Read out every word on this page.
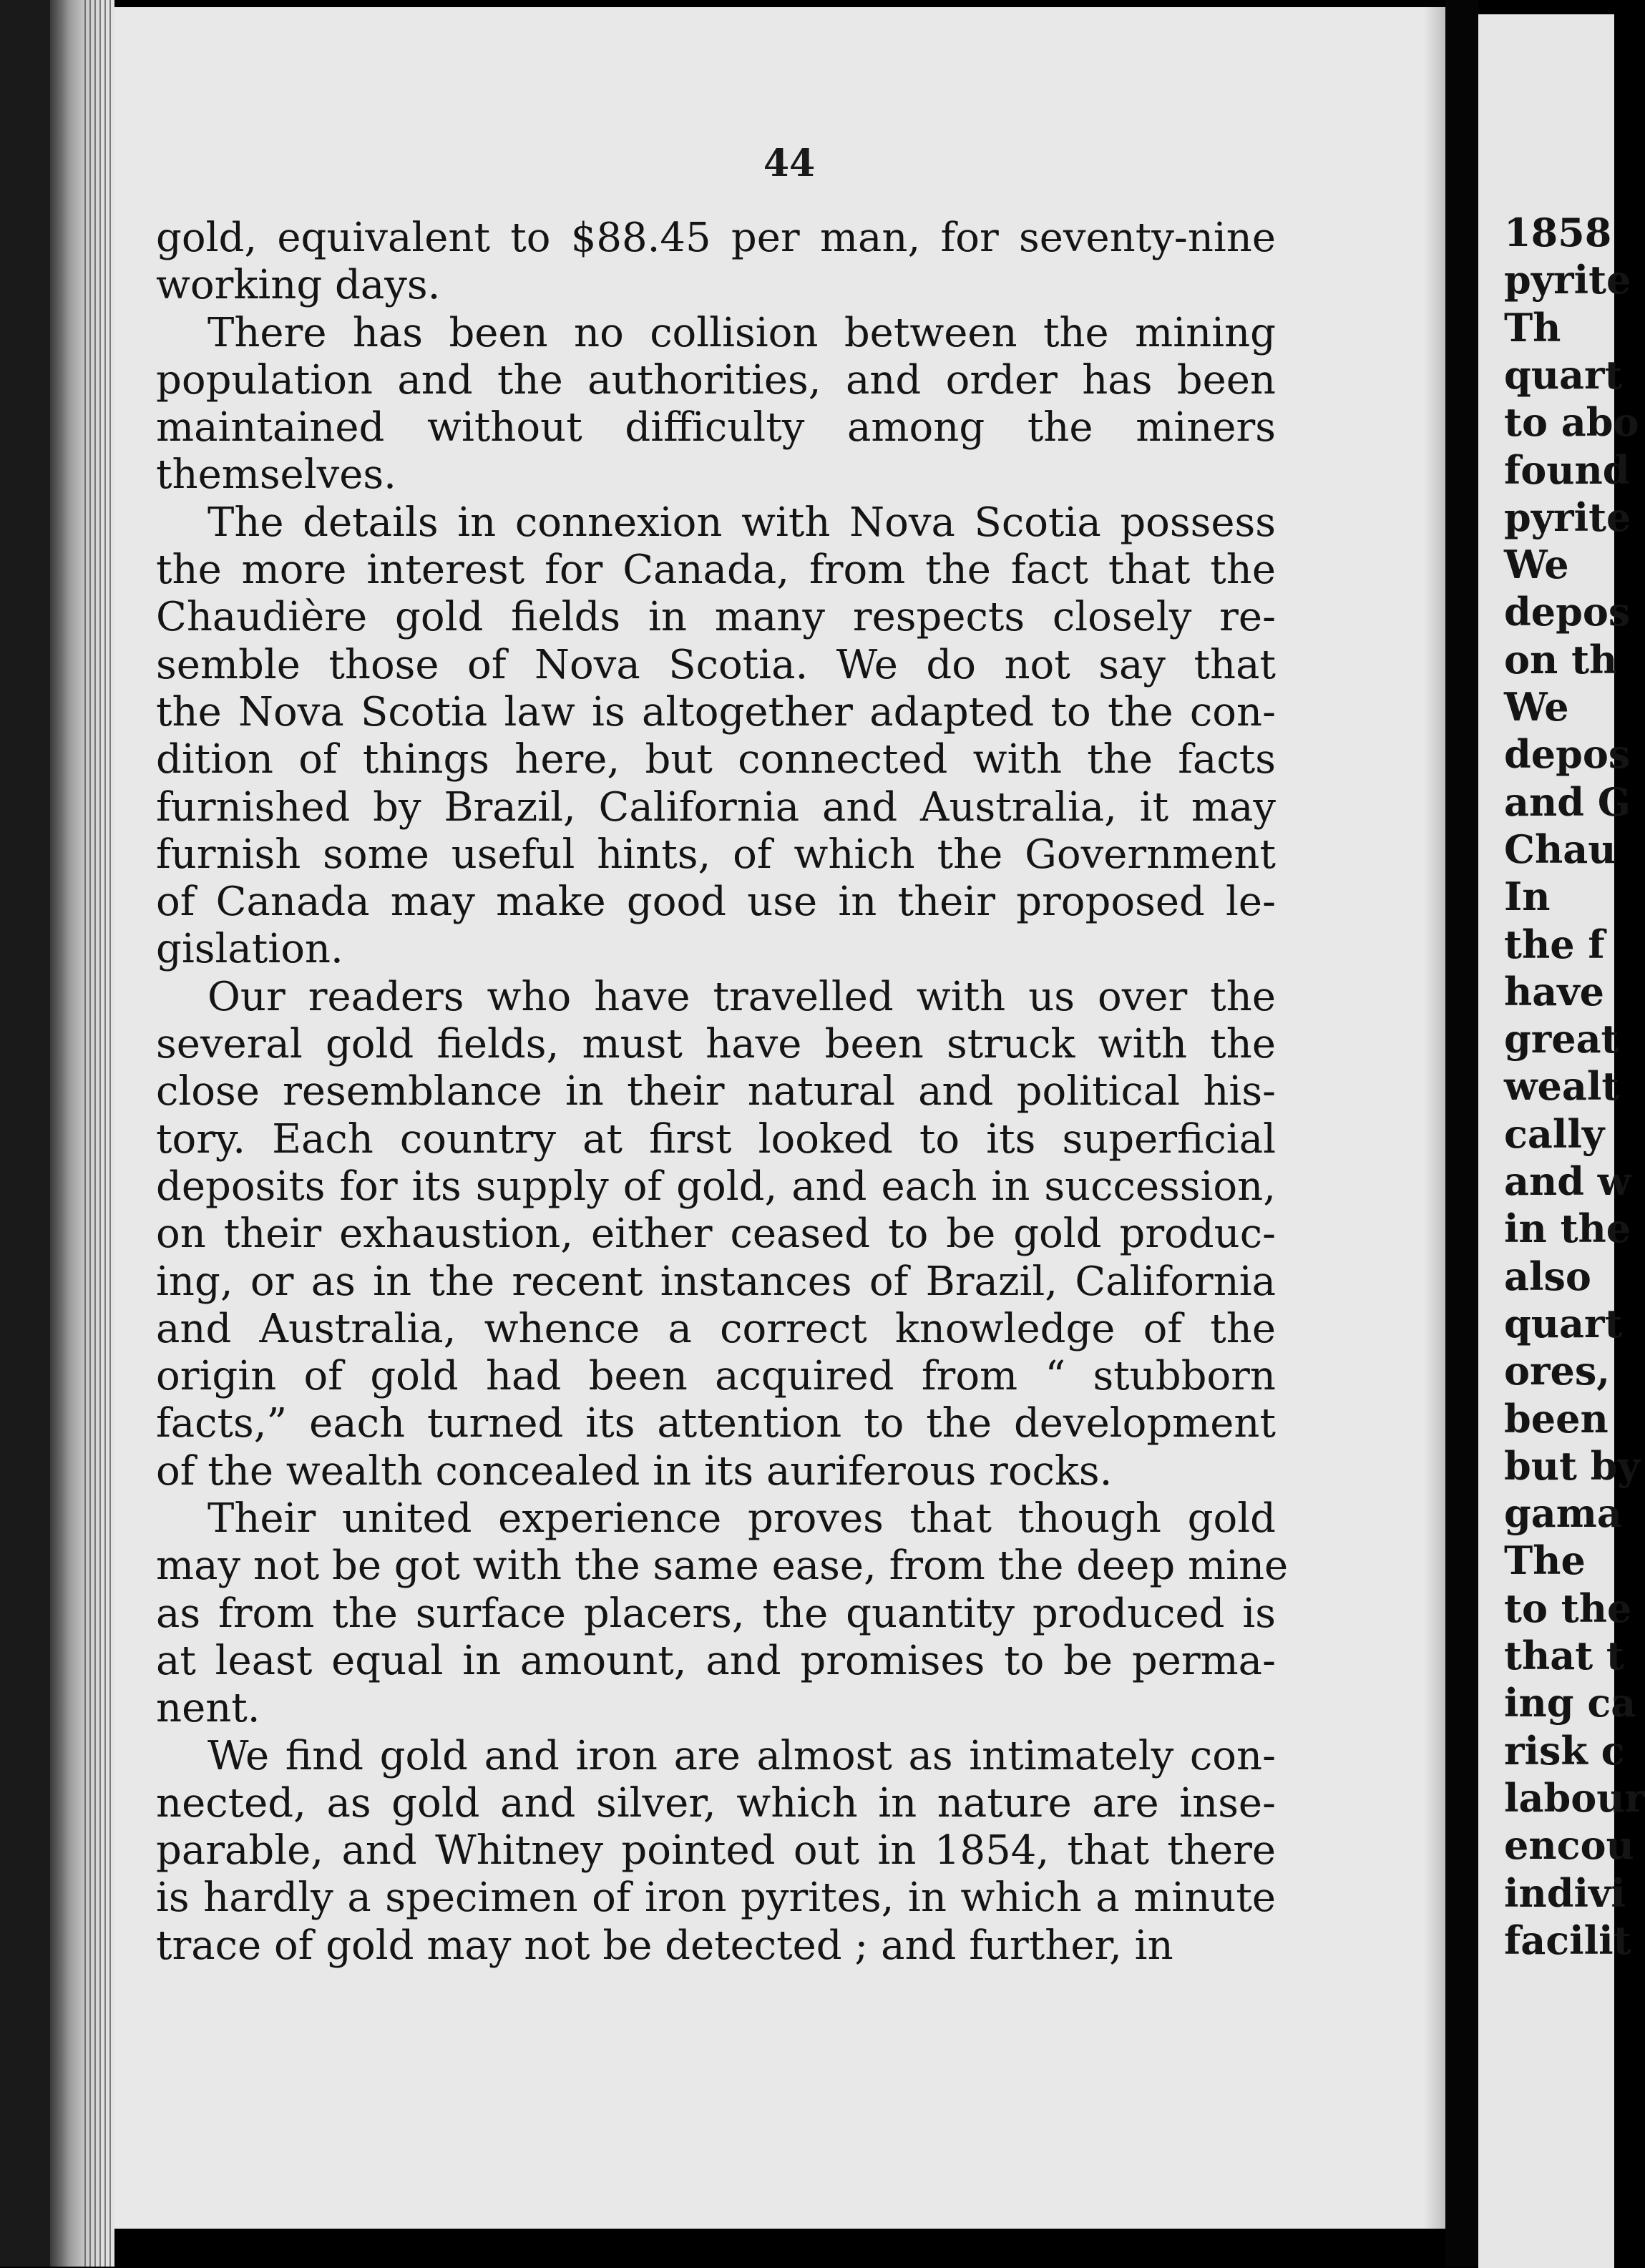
44
gold, equivalent to $88.45 per man, for seventy-nine
working days.
There has been no collision between the mining
population and the authorities, and order has been
maintained without difficulty among the miners
themselves.
The details in connexion with Nova Scotia possess
the more interest for Canada, from the fact that the
Chaudière gold fields in many respects closely re-
semble those of Nova Scotia. We do not say that
the Nova Scotia law is altogether adapted to the con-
dition of things here, but connected with the facts
furnished by Brazil, California and Australia, it may
furnish some useful hints, of which the Government
of Canada may make good use in their proposed le-
gislation.
Our readers who have travelled with us over the
several gold fields, must have been struck with the
close resemblance in their natural and political his-
tory. Each country at first looked to its superficial
deposits for its supply of gold, and each in succession,
on their exhaustion, either ceased to be gold produc-
ing, or as in the recent instances of Brazil, California
and Australia, whence a correct knowledge of the
origin of gold had been acquired from “ stubborn
facts,” each turned its attention to the development
of the wealth concealed in its auriferous rocks.
Their united experience proves that though gold
may not be got with the same ease, from the deep mine
as from the surface placers, the quantity produced is
at least equal in amount, and promises to be perma-
nent.
We find gold and iron are almost as intimately con-
nected, as gold and silver, which in nature are inse-
parable, and Whitney pointed out in 1854, that there
is hardly a specimen of iron pyrites, in which a minute
trace of gold may not be detected ; and further, in
1858
pyrite
Th
quart
to abo
found
pyrite
We
depos
on th
We
depos
and G
Chau
In
the f
have
great
wealt
cally
and w
in the
also
quart
ores,
been
but by
gama
The
to the
that t
ing ca
risk c
labour
encou
indivi
facilit
